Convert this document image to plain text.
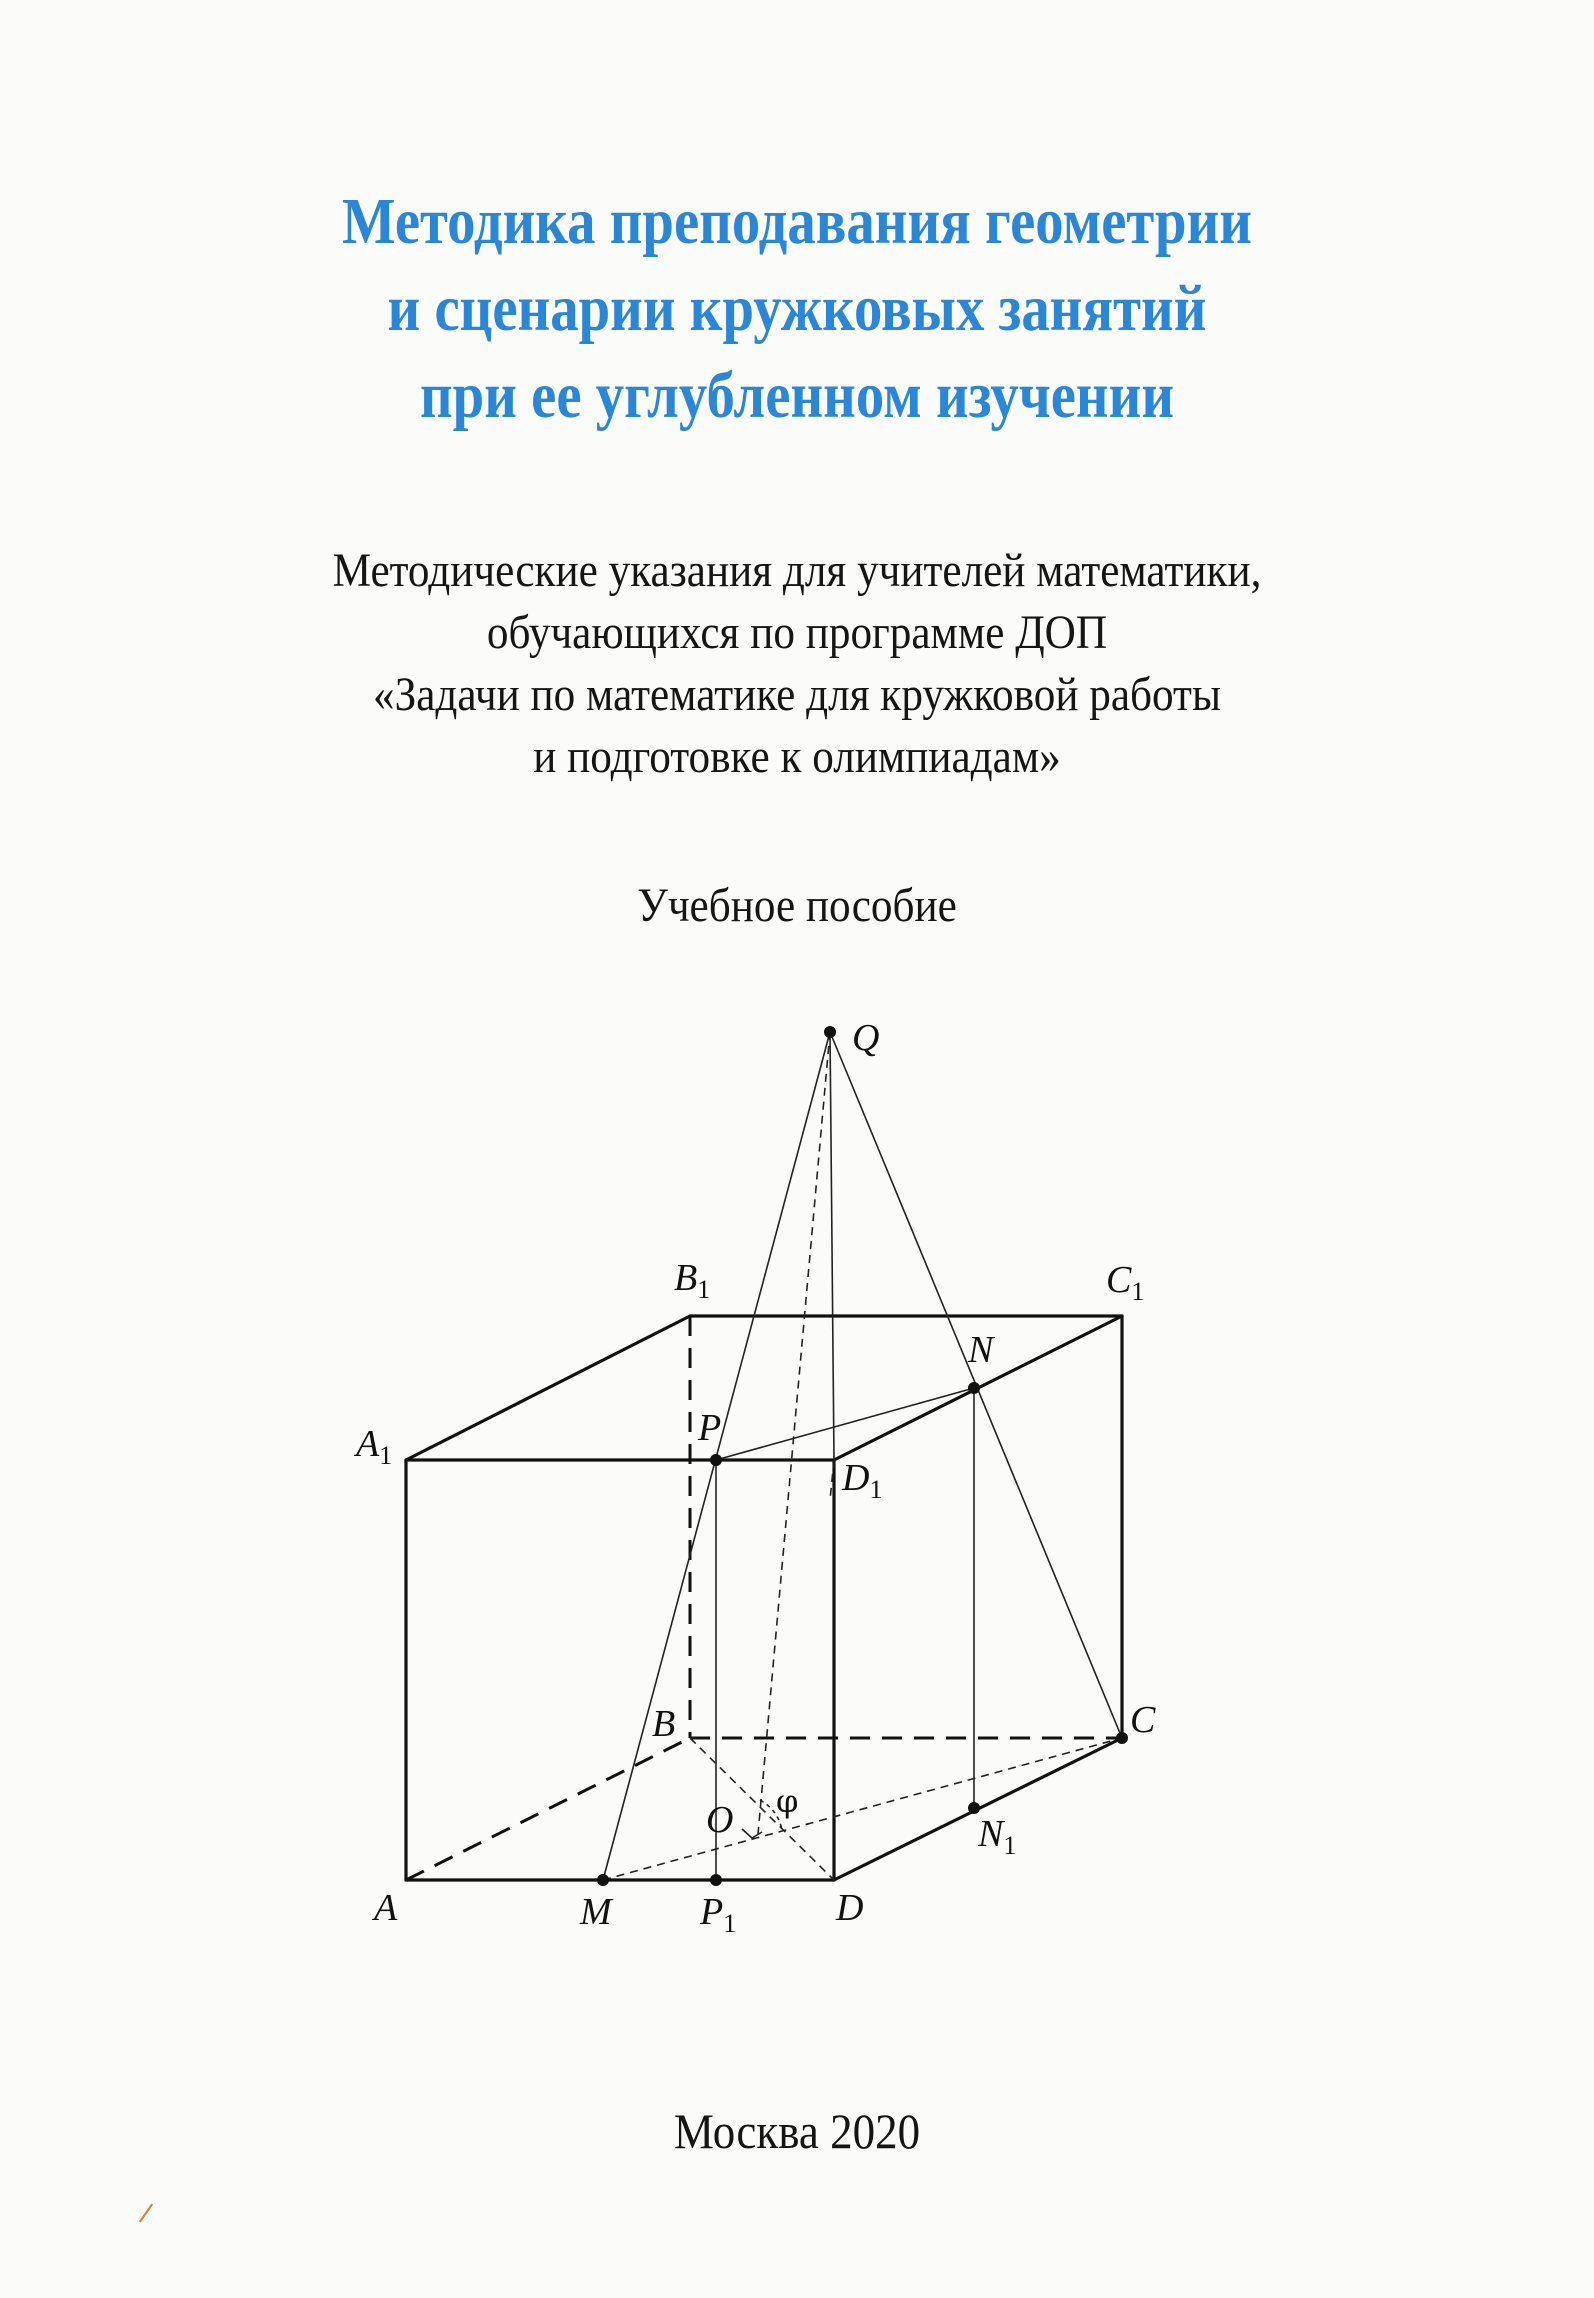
Методика преподавания геометрии
и сценарии кружковых занятий
при ее углубленном изучении
Методические указания для учителей математики,
обучающихся по программе ДОП
«Задачи по математике для кружковой работы
и подготовке к олимпиадам»
Учебное пособие
Q
$B_1$	$C_1$
N
$A_1$
P
$D_1$
B	C
O φ
$N_1$
A	M $P_1$	D
Москва 2020
